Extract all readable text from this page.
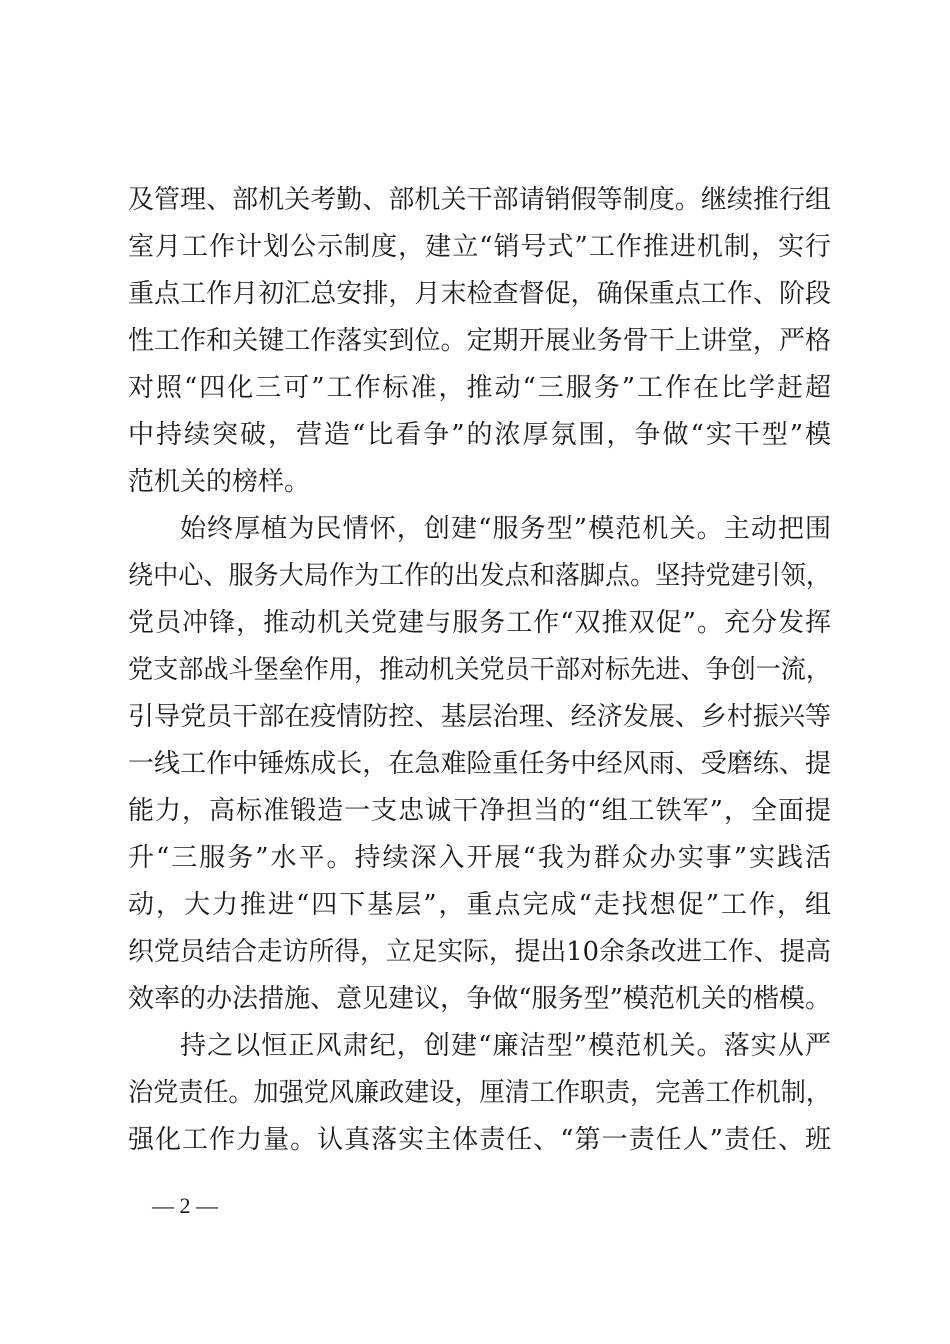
及管理、部机关考勤、部机关干部请销假等制度。继续推行组

室月工作计划公示制度，建立“销号式”工作推进机制，实行

重点工作月初汇总安排，月末检查督促，确保重点工作、阶段

性工作和关键工作落实到位。定期开展业务骨干上讲堂，严格

对照“四化三可”工作标准，推动“三服务”工作在比学赶超

中持续突破，营造“比看争”的浓厚氛围，争做“实干型”模

范机关的榜样。

始终厚植为民情怀，创建“服务型”模范机关。主动把围

绕中心、服务大局作为工作的出发点和落脚点。坚持党建引领，

党员冲锋，推动机关党建与服务工作“双推双促”。充分发挥

党支部战斗堡垒作用，推动机关党员干部对标先进、争创一流，

引导党员干部在疫情防控、基层治理、经济发展、乡村振兴等

一线工作中锤炼成长，在急难险重任务中经风雨、受磨练、提

能力，高标准锻造一支忠诚干净担当的“组工铁军”，全面提

升“三服务”水平。持续深入开展“我为群众办实事”实践活

动，大力推进“四下基层”，重点完成“走找想促”工作，组

织党员结合走访所得，立足实际，提出10余条改进工作、提高

效率的办法措施、意见建议，争做“服务型”模范机关的楷模。

持之以恒正风肃纪，创建“廉洁型”模范机关。落实从严

治党责任。加强党风廉政建设，厘清工作职责，完善工作机制，

强化工作力量。认真落实主体责任、“第一责任人”责任、班

— 2 —
